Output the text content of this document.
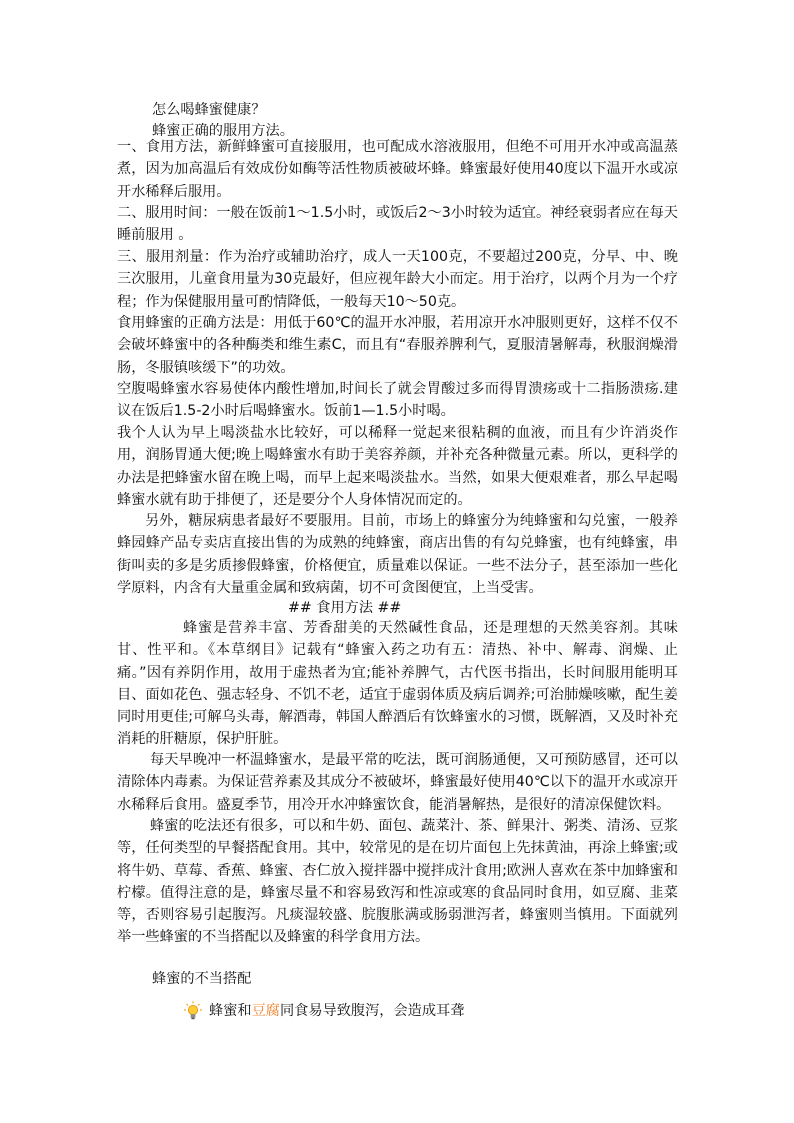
怎么喝蜂蜜健康？
蜂蜜正确的服用方法。

一、食用方法，新鲜蜂蜜可直接服用，也可配成水溶液服用，但绝不可用开水冲或高温蒸煮，因为加高温后有效成份如酶等活性物质被破坏蜂。蜂蜜最好使用40度以下温开水或凉开水稀释后服用。

二、服用时间：一般在饭前1～1.5小时，或饭后2～3小时较为适宜。神经衰弱者应在每天睡前服用 。

三、服用剂量：作为治疗或辅助治疗，成人一天100克，不要超过200克，分早、中、晚三次服用，儿童食用量为30克最好，但应视年龄大小而定。用于治疗，以两个月为一个疗程；作为保健服用量可酌情降低，一般每天10～50克。

食用蜂蜜的正确方法是：用低于60℃的温开水冲服，若用凉开水冲服则更好，这样不仅不会破坏蜂蜜中的各种酶类和维生素C，而且有“春服养脾利气，夏服清暑解毒，秋服润燥滑肠，冬服镇咳缓下”的功效。

空腹喝蜂蜜水容易使体内酸性增加,时间长了就会胃酸过多而得胃溃疡或十二指肠溃疡.建议在饭后1.5-2小时后喝蜂蜜水。饭前1—1.5小时喝。

我个人认为早上喝淡盐水比较好，可以稀释一觉起来很粘稠的血液，而且有少许消炎作用，润肠胃通大便;晚上喝蜂蜜水有助于美容养颜，并补充各种微量元素。所以，更科学的办法是把蜂蜜水留在晚上喝，而早上起来喝淡盐水。当然，如果大便艰难者，那么早起喝蜂蜜水就有助于排便了，还是要分个人身体情况而定的。

另外，糖尿病患者最好不要服用。目前，市场上的蜂蜜分为纯蜂蜜和勾兑蜜，一般养蜂园蜂产品专卖店直接出售的为成熟的纯蜂蜜，商店出售的有勾兑蜂蜜，也有纯蜂蜜，串街叫卖的多是劣质掺假蜂蜜，价格便宜，质量难以保证。一些不法分子，甚至添加一些化学原料，内含有大量重金属和致病菌，切不可贪图便宜，上当受害。

## 食用方法 ##

蜂蜜是营养丰富、芳香甜美的天然碱性食品，还是理想的天然美容剂。其味甘、性平和。《本草纲目》记载有“蜂蜜入药之功有五：清热、补中、解毒、润燥、止痛。”因有养阴作用，故用于虚热者为宜;能补养脾气，古代医书指出，长时间服用能明耳目、面如花色、强志轻身、不饥不老，适宜于虚弱体质及病后调养;可治肺燥咳嗽，配生姜同时用更佳;可解乌头毒，解酒毒，韩国人醉酒后有饮蜂蜜水的习惯，既解酒，又及时补充消耗的肝糖原，保护肝脏。

每天早晚冲一杯温蜂蜜水，是最平常的吃法，既可润肠通便，又可预防感冒，还可以清除体内毒素。为保证营养素及其成分不被破坏，蜂蜜最好使用40℃以下的温开水或凉开水稀释后食用。盛夏季节，用冷开水冲蜂蜜饮食，能消暑解热，是很好的清凉保健饮料。

蜂蜜的吃法还有很多，可以和牛奶、面包、蔬菜汁、茶、鲜果汁、粥类、清汤、豆浆等，任何类型的早餐搭配食用。其中，较常见的是在切片面包上先抹黄油，再涂上蜂蜜;或将牛奶、草莓、香蕉、蜂蜜、杏仁放入搅拌器中搅拌成汁食用;欧洲人喜欢在茶中加蜂蜜和柠檬。值得注意的是，蜂蜜尽量不和容易致泻和性凉或寒的食品同时食用，如豆腐、韭菜等，否则容易引起腹泻。凡痰湿较盛、脘腹胀满或肠弱泄泻者，蜂蜜则当慎用。下面就列举一些蜂蜜的不当搭配以及蜂蜜的科学食用方法。

蜂蜜的不当搭配
蜂蜜和 豆腐 同食易导致腹泻，会造成耳聋
